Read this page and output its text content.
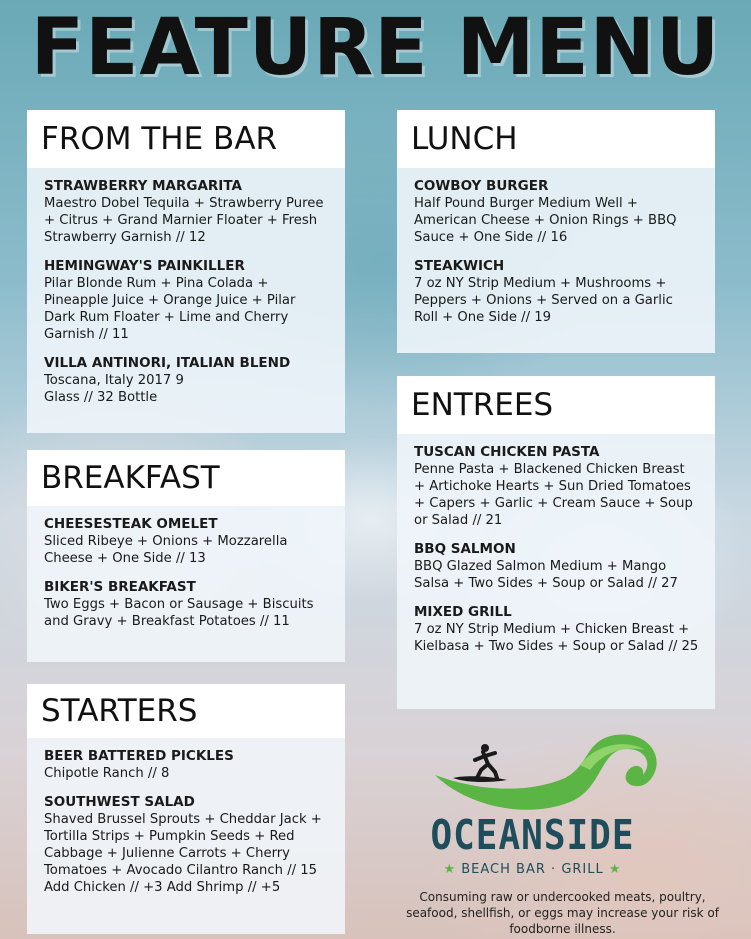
FEATURE MENU
FROM THE BAR
STRAWBERRY MARGARITA
Maestro Dobel Tequila + Strawberry Puree + Citrus + Grand Marnier Floater + Fresh Strawberry Garnish // 12
HEMINGWAY'S PAINKILLER
Pilar Blonde Rum + Pina Colada + Pineapple Juice + Orange Juice + Pilar Dark Rum Floater + Lime and Cherry Garnish // 11
VILLA ANTINORI, ITALIAN BLEND
Toscana, Italy 2017 9 Glass // 32 Bottle
BREAKFAST
CHEESESTEAK OMELET
Sliced Ribeye + Onions + Mozzarella Cheese + One Side // 13
BIKER'S BREAKFAST
Two Eggs + Bacon or Sausage + Biscuits and Gravy + Breakfast Potatoes // 11
STARTERS
BEER BATTERED PICKLES
Chipotle Ranch // 8
SOUTHWEST SALAD
Shaved Brussel Sprouts + Cheddar Jack + Tortilla Strips + Pumpkin Seeds + Red Cabbage + Julienne Carrots + Cherry Tomatoes + Avocado Cilantro Ranch // 15 Add Chicken // +3 Add Shrimp // +5
LUNCH
COWBOY BURGER
Half Pound Burger Medium Well + American Cheese + Onion Rings + BBQ Sauce + One Side // 16
STEAKWICH
7 oz NY Strip Medium + Mushrooms + Peppers + Onions + Served on a Garlic Roll + One Side // 19
ENTREES
TUSCAN CHICKEN PASTA
Penne Pasta + Blackened Chicken Breast + Artichoke Hearts + Sun Dried Tomatoes + Capers + Garlic + Cream Sauce + Soup or Salad // 21
BBQ SALMON
BBQ Glazed Salmon Medium + Mango Salsa + Two Sides + Soup or Salad // 27
MIXED GRILL
7 oz NY Strip Medium + Chicken Breast + Kielbasa + Two Sides + Soup or Salad // 25
OCEANSIDE
★ BEACH BAR · GRILL ★
Consuming raw or undercooked meats, poultry, seafood, shellfish, or eggs may increase your risk of foodborne illness.
